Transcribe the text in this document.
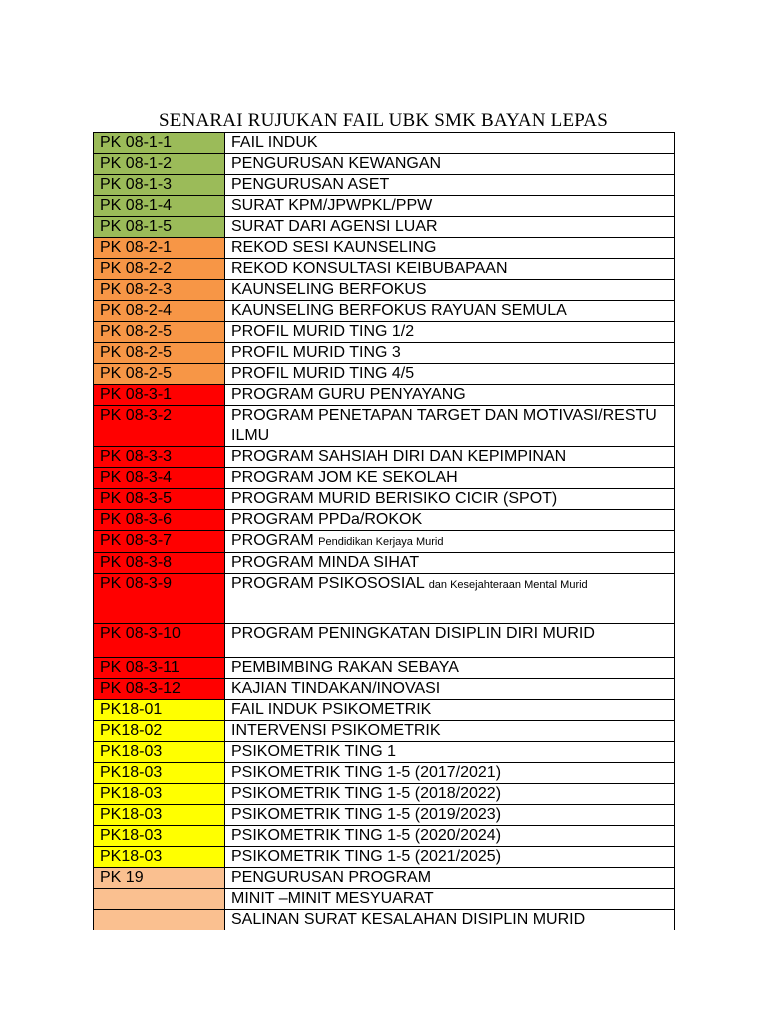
SENARAI RUJUKAN FAIL UBK SMK BAYAN LEPAS
PK 08-1-1	FAIL INDUK
PK 08-1-2	PENGURUSAN KEWANGAN
PK 08-1-3	PENGURUSAN ASET
PK 08-1-4	SURAT KPM/JPWPKL/PPW
PK 08-1-5	SURAT DARI AGENSI LUAR
PK 08-2-1	REKOD SESI KAUNSELING
PK 08-2-2	REKOD KONSULTASI KEIBUBAPAAN
PK 08-2-3	KAUNSELING BERFOKUS
PK 08-2-4	KAUNSELING BERFOKUS RAYUAN SEMULA
PK 08-2-5	PROFIL MURID TING 1/2
PK 08-2-5	PROFIL MURID TING 3
PK 08-2-5	PROFIL MURID TING 4/5
PK 08-3-1	PROGRAM GURU PENYAYANG
PK 08-3-2	PROGRAM PENETAPAN TARGET DAN MOTIVASI/RESTU ILMU
PK 08-3-3	PROGRAM SAHSIAH DIRI DAN KEPIMPINAN
PK 08-3-4	PROGRAM JOM KE SEKOLAH
PK 08-3-5	PROGRAM MURID BERISIKO CICIR (SPOT)
PK 08-3-6	PROGRAM PPDa/ROKOK
PK 08-3-7	PROGRAM Pendidikan Kerjaya Murid
PK 08-3-8	PROGRAM MINDA SIHAT
PK 08-3-9	PROGRAM PSIKOSOSIAL dan Kesejahteraan Mental Murid
PK 08-3-10	PROGRAM PENINGKATAN DISIPLIN DIRI MURID
PK 08-3-11	PEMBIMBING RAKAN SEBAYA
PK 08-3-12	KAJIAN TINDAKAN/INOVASI
PK18-01	FAIL INDUK PSIKOMETRIK
PK18-02	INTERVENSI PSIKOMETRIK
PK18-03	PSIKOMETRIK TING 1
PK18-03	PSIKOMETRIK TING 1-5 (2017/2021)
PK18-03	PSIKOMETRIK TING 1-5 (2018/2022)
PK18-03	PSIKOMETRIK TING 1-5 (2019/2023)
PK18-03	PSIKOMETRIK TING 1-5 (2020/2024)
PK18-03	PSIKOMETRIK TING 1-5 (2021/2025)
PK 19	PENGURUSAN PROGRAM
	MINIT –MINIT MESYUARAT
	SALINAN SURAT KESALAHAN DISIPLIN MURID
